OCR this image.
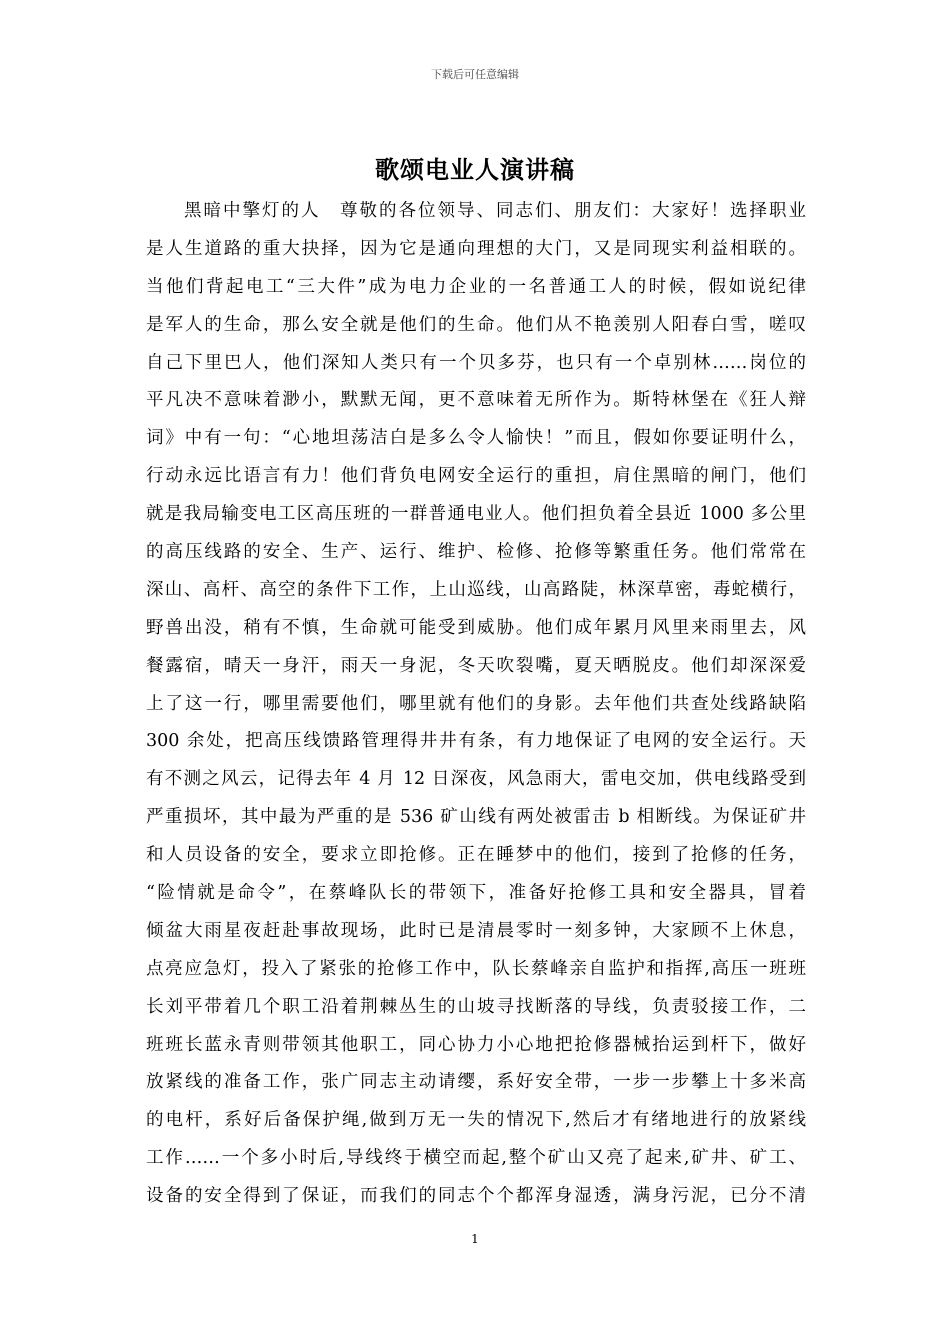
下载后可任意编辑
歌颂电业人演讲稿
黑暗中擎灯的人　尊敬的各位领导、同志们、朋友们：大家好！选择职业
是人生道路的重大抉择，因为它是通向理想的大门，又是同现实利益相联的。
当他们背起电工“三大件”成为电力企业的一名普通工人的时候，假如说纪律
是军人的生命，那么安全就是他们的生命。他们从不艳羡别人阳春白雪，嗟叹
自己下里巴人，他们深知人类只有一个贝多芬，也只有一个卓别林……岗位的
平凡决不意味着渺小，默默无闻，更不意味着无所作为。斯特林堡在《狂人辩
词》中有一句：“心地坦荡洁白是多么令人愉快！”而且，假如你要证明什么，
行动永远比语言有力！他们背负电网安全运行的重担，肩住黑暗的闸门，他们
就是我局输变电工区高压班的一群普通电业人。他们担负着全县近 1000 多公里
的高压线路的安全、生产、运行、维护、检修、抢修等繁重任务。他们常常在
深山、高杆、高空的条件下工作，上山巡线，山高路陡，林深草密，毒蛇横行，
野兽出没，稍有不慎，生命就可能受到威胁。他们成年累月风里来雨里去，风
餐露宿，晴天一身汗，雨天一身泥，冬天吹裂嘴，夏天晒脱皮。他们却深深爱
上了这一行，哪里需要他们，哪里就有他们的身影。去年他们共查处线路缺陷
300 余处，把高压线馈路管理得井井有条，有力地保证了电网的安全运行。天
有不测之风云，记得去年 4 月 12 日深夜，风急雨大，雷电交加，供电线路受到
严重损坏，其中最为严重的是 536 矿山线有两处被雷击 b 相断线。为保证矿井
和人员设备的安全，要求立即抢修。正在睡梦中的他们，接到了抢修的任务，
“险情就是命令”，在蔡峰队长的带领下，准备好抢修工具和安全器具，冒着
倾盆大雨星夜赶赴事故现场，此时已是清晨零时一刻多钟，大家顾不上休息，
点亮应急灯，投入了紧张的抢修工作中，队长蔡峰亲自监护和指挥,高压一班班
长刘平带着几个职工沿着荆棘丛生的山坡寻找断落的导线，负责驳接工作，二
班班长蓝永青则带领其他职工，同心协力小心地把抢修器械抬运到杆下，做好
放紧线的准备工作，张广同志主动请缨，系好安全带，一步一步攀上十多米高
的电杆，系好后备保护绳,做到万无一失的情况下,然后才有绪地进行的放紧线
工作……一个多小时后,导线终于横空而起,整个矿山又亮了起来,矿井、矿工、
设备的安全得到了保证，而我们的同志个个都浑身湿透，满身污泥，已分不清
1
